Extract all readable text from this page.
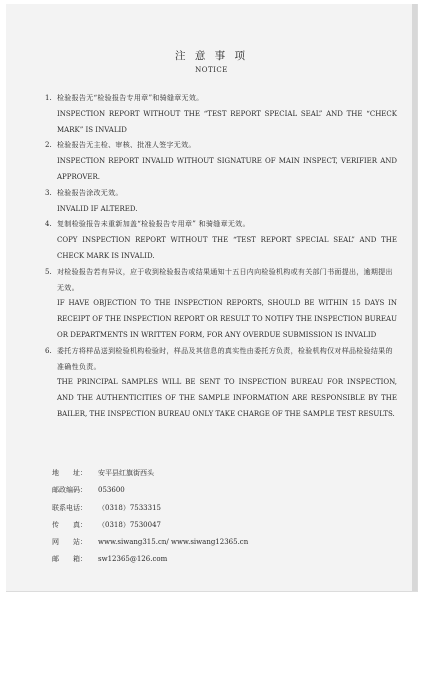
注 意 事 项
NOTICE
1. 检验报告无“检验报告专用章”和骑缝章无效。
INSPECTION REPORT WITHOUT THE “TEST REPORT SPECIAL SEAL” AND THE “CHECK MARK” IS INVALID
2. 检验报告无主检、审核、批准人签字无效。
INSPECTION REPORT INVALID WITHOUT SIGNATURE OF MAIN INSPECT, VERIFIER AND APPROVER.
3. 检验报告涂改无效。
INVALID IF ALTERED.
4. 复制检验报告未重新加盖“检验报告专用章” 和骑缝章无效。
COPY INSPECTION REPORT WITHOUT THE “TEST REPORT SPECIAL SEAL” AND THE CHECK MARK IS INVALID.
5. 对检验报告若有异议，应于收到检验报告或结果通知十五日内向检验机构或有关部门书面提出，逾期提出无效。
IF HAVE OBJECTION TO THE INSPECTION REPORTS, SHOULD BE WITHIN 15 DAYS IN RECEIPT OF THE INSPECTION REPORT OR RESULT TO NOTIFY THE INSPECTION BUREAU OR DEPARTMENTS IN WRITTEN FORM, FOR ANY OVERDUE SUBMISSION IS INVALID
6. 委托方将样品送到检验机构检验时，样品及其信息的真实性由委托方负责，检验机构仅对样品检验结果的准确性负责。
THE PRINCIPAL SAMPLES WILL BE SENT TO INSPECTION BUREAU FOR INSPECTION, AND THE AUTHENTICITIES OF THE SAMPLE INFORMATION ARE RESPONSIBLE BY THE BAILER, THE INSPECTION BUREAU ONLY TAKE CHARGE OF THE SAMPLE TEST RESULTS.
地　　址： 安平县红旗街西头
邮政编码： 053600
联系电话： （0318）7533315
传　　真： （0318）7530047
网　　站： www.siwang315.cn/ www.siwang12365.cn
邮　　箱： sw12365@126.com
